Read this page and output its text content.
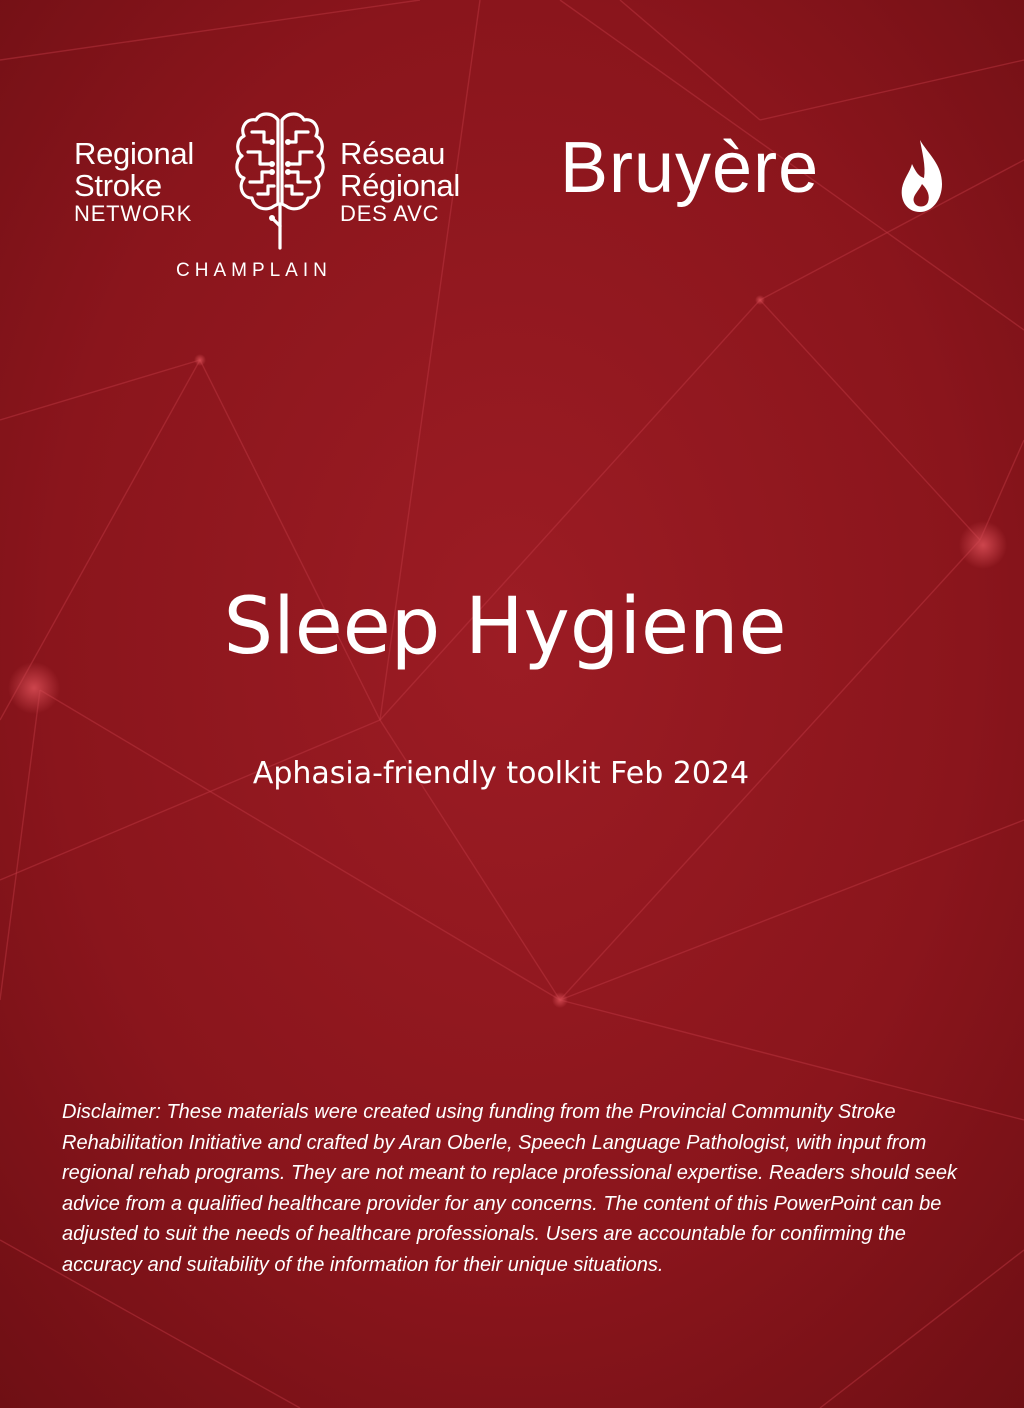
Regional
Stroke
NETWORK
Réseau
Régional
DES AVC
CHAMPLAIN
Bruyère
Sleep Hygiene
Aphasia-friendly toolkit Feb 2024
Disclaimer: These materials were created using funding from the Provincial Community Stroke Rehabilitation Initiative and crafted by Aran Oberle, Speech Language Pathologist, with input from regional rehab programs. They are not meant to replace professional expertise. Readers should seek advice from a qualified healthcare provider for any concerns. The content of this PowerPoint can be adjusted to suit the needs of healthcare professionals. Users are accountable for confirming the accuracy and suitability of the information for their unique situations.
